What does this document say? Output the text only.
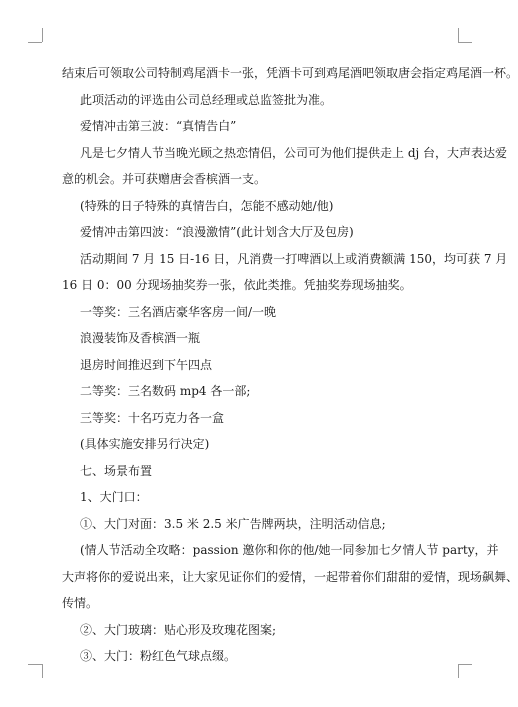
结束后可领取公司特制鸡尾酒卡一张，凭酒卡可到鸡尾酒吧领取唐会指定鸡尾酒一杯。
此项活动的评选由公司总经理或总监签批为准。
爱情冲击第三波：“真情告白”
凡是七夕情人节当晚光顾之热恋情侣，公司可为他们提供走上 dj 台，大声表达爱
意的机会。并可获赠唐会香槟酒一支。
(特殊的日子特殊的真情告白，怎能不感动她/他)
爱情冲击第四波：“浪漫激情”(此计划含大厅及包房)
活动期间 7 月 15 日-16 日，凡消费一打啤酒以上或消费额满 150，均可获 7 月
16 日 0：00 分现场抽奖券一张，依此类推。凭抽奖券现场抽奖。
一等奖：三名酒店豪华客房一间/一晚
浪漫装饰及香槟酒一瓶
退房时间推迟到下午四点
二等奖：三名数码 mp4 各一部;
三等奖：十名巧克力各一盒
(具体实施安排另行决定)
七、场景布置
1、大门口：
①、大门对面：3.5 米 2.5 米广告牌两块，注明活动信息;
(情人节活动全攻略：passion 邀你和你的他/她一同参加七夕情人节 party，并
大声将你的爱说出来，让大家见证你们的爱情，一起带着你们甜甜的爱情，现场飙舞、
传情。
②、大门玻璃：贴心形及玫瑰花图案;
③、大门：粉红色气球点缀。
